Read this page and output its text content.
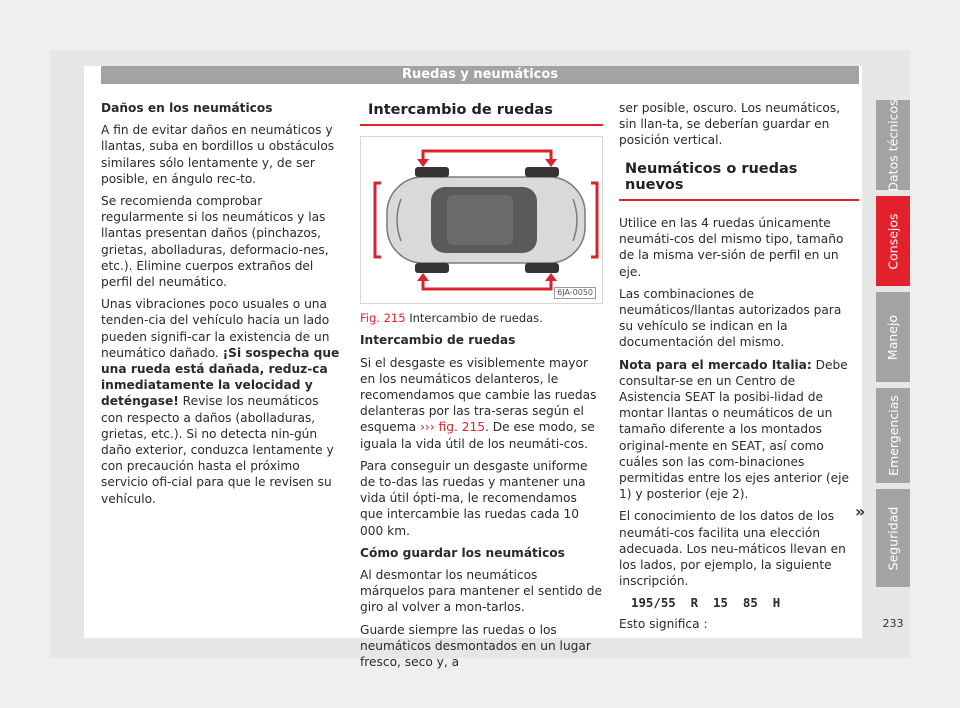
Ruedas y neumáticos

Daños en los neumáticos

A fin de evitar daños en neumáticos y llantas, suba en bordillos u obstáculos similares sólo lentamente y, de ser posible, en ángulo rec-to.

Se recomienda comprobar regularmente si los neumáticos y las llantas presentan daños (pinchazos, grietas, abolladuras, deformacio-nes, etc.). Elimine cuerpos extraños del perfil del neumático.

Unas vibraciones poco usuales o una tenden-cia del vehículo hacia un lado pueden signifi-car la existencia de un neumático dañado. ¡Si sospecha que una rueda está dañada, reduz-ca inmediatamente la velocidad y deténgase! Revise los neumáticos con respecto a daños (abolladuras, grietas, etc.). Si no detecta nin-gún daño exterior, conduzca lentamente y con precaución hasta el próximo servicio ofi-cial para que le revisen su vehículo.

Intercambio de ruedas
6JA-0050

Fig. 215 Intercambio de ruedas.

Intercambio de ruedas

Si el desgaste es visiblemente mayor en los neumáticos delanteros, le recomendamos que cambie las ruedas delanteras por las tra-seras según el esquema ››› fig. 215. De ese modo, se iguala la vida útil de los neumáti-cos.

Para conseguir un desgaste uniforme de to-das las ruedas y mantener una vida útil ópti-ma, le recomendamos que intercambie las ruedas cada 10 000 km.

Cómo guardar los neumáticos

Al desmontar los neumáticos márquelos para mantener el sentido de giro al volver a mon-tarlos.

Guarde siempre las ruedas o los neumáticos desmontados en un lugar fresco, seco y, a

ser posible, oscuro. Los neumáticos, sin llan-ta, se deberían guardar en posición vertical.

Neumáticos o ruedas nuevos

Utilice en las 4 ruedas únicamente neumáti-cos del mismo tipo, tamaño de la misma ver-sión de perfil en un eje.

Las combinaciones de neumáticos/llantas autorizados para su vehículo se indican en la documentación del mismo.

Nota para el mercado Italia: Debe consultar-se en un Centro de Asistencia SEAT la posibi-lidad de montar llantas o neumáticos de un tamaño diferente a los montados original-mente en SEAT, así como cuáles son las com-binaciones permitidas entre los ejes anterior (eje 1) y posterior (eje 2).

El conocimiento de los datos de los neumáti-cos facilita una elección adecuada. Los neu-máticos llevan en los lados, por ejemplo, la siguiente inscripción.

195/55  R  15  85  H

Esto significa :

»
Datos técnicos
Consejos
Manejo
Emergencias
Seguridad
233
